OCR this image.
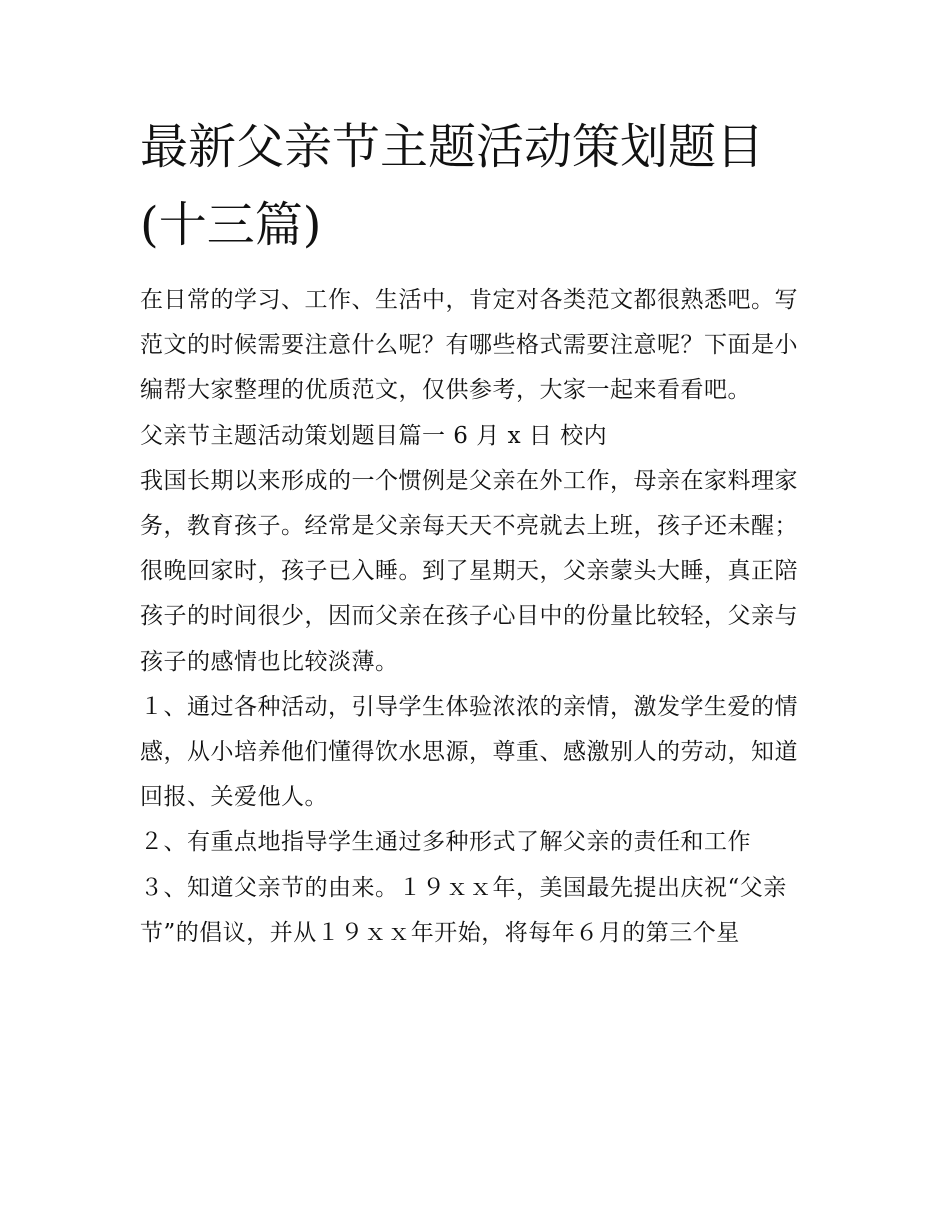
最新父亲节主题活动策划题目(十三篇)

在日常的学习、工作、生活中，肯定对各类范文都很熟悉吧。写范文的时候需要注意什么呢？有哪些格式需要注意呢？下面是小编帮大家整理的优质范文，仅供参考，大家一起来看看吧。

父亲节主题活动策划题目篇一 6 月 x 日 校内

我国长期以来形成的一个惯例是父亲在外工作，母亲在家料理家务，教育孩子。经常是父亲每天天不亮就去上班，孩子还未醒；很晚回家时，孩子已入睡。到了星期天，父亲蒙头大睡，真正陪孩子的时间很少，因而父亲在孩子心目中的份量比较轻，父亲与孩子的感情也比较淡薄。

１、通过各种活动，引导学生体验浓浓的亲情，激发学生爱的情感，从小培养他们懂得饮水思源，尊重、感激别人的劳动，知道回报、关爱他人。

２、有重点地指导学生通过多种形式了解父亲的责任和工作

３、知道父亲节的由来。１９ｘｘ年，美国最先提出庆祝“父亲节”的倡议，并从１９ｘｘ年开始，将每年６月的第三个星
